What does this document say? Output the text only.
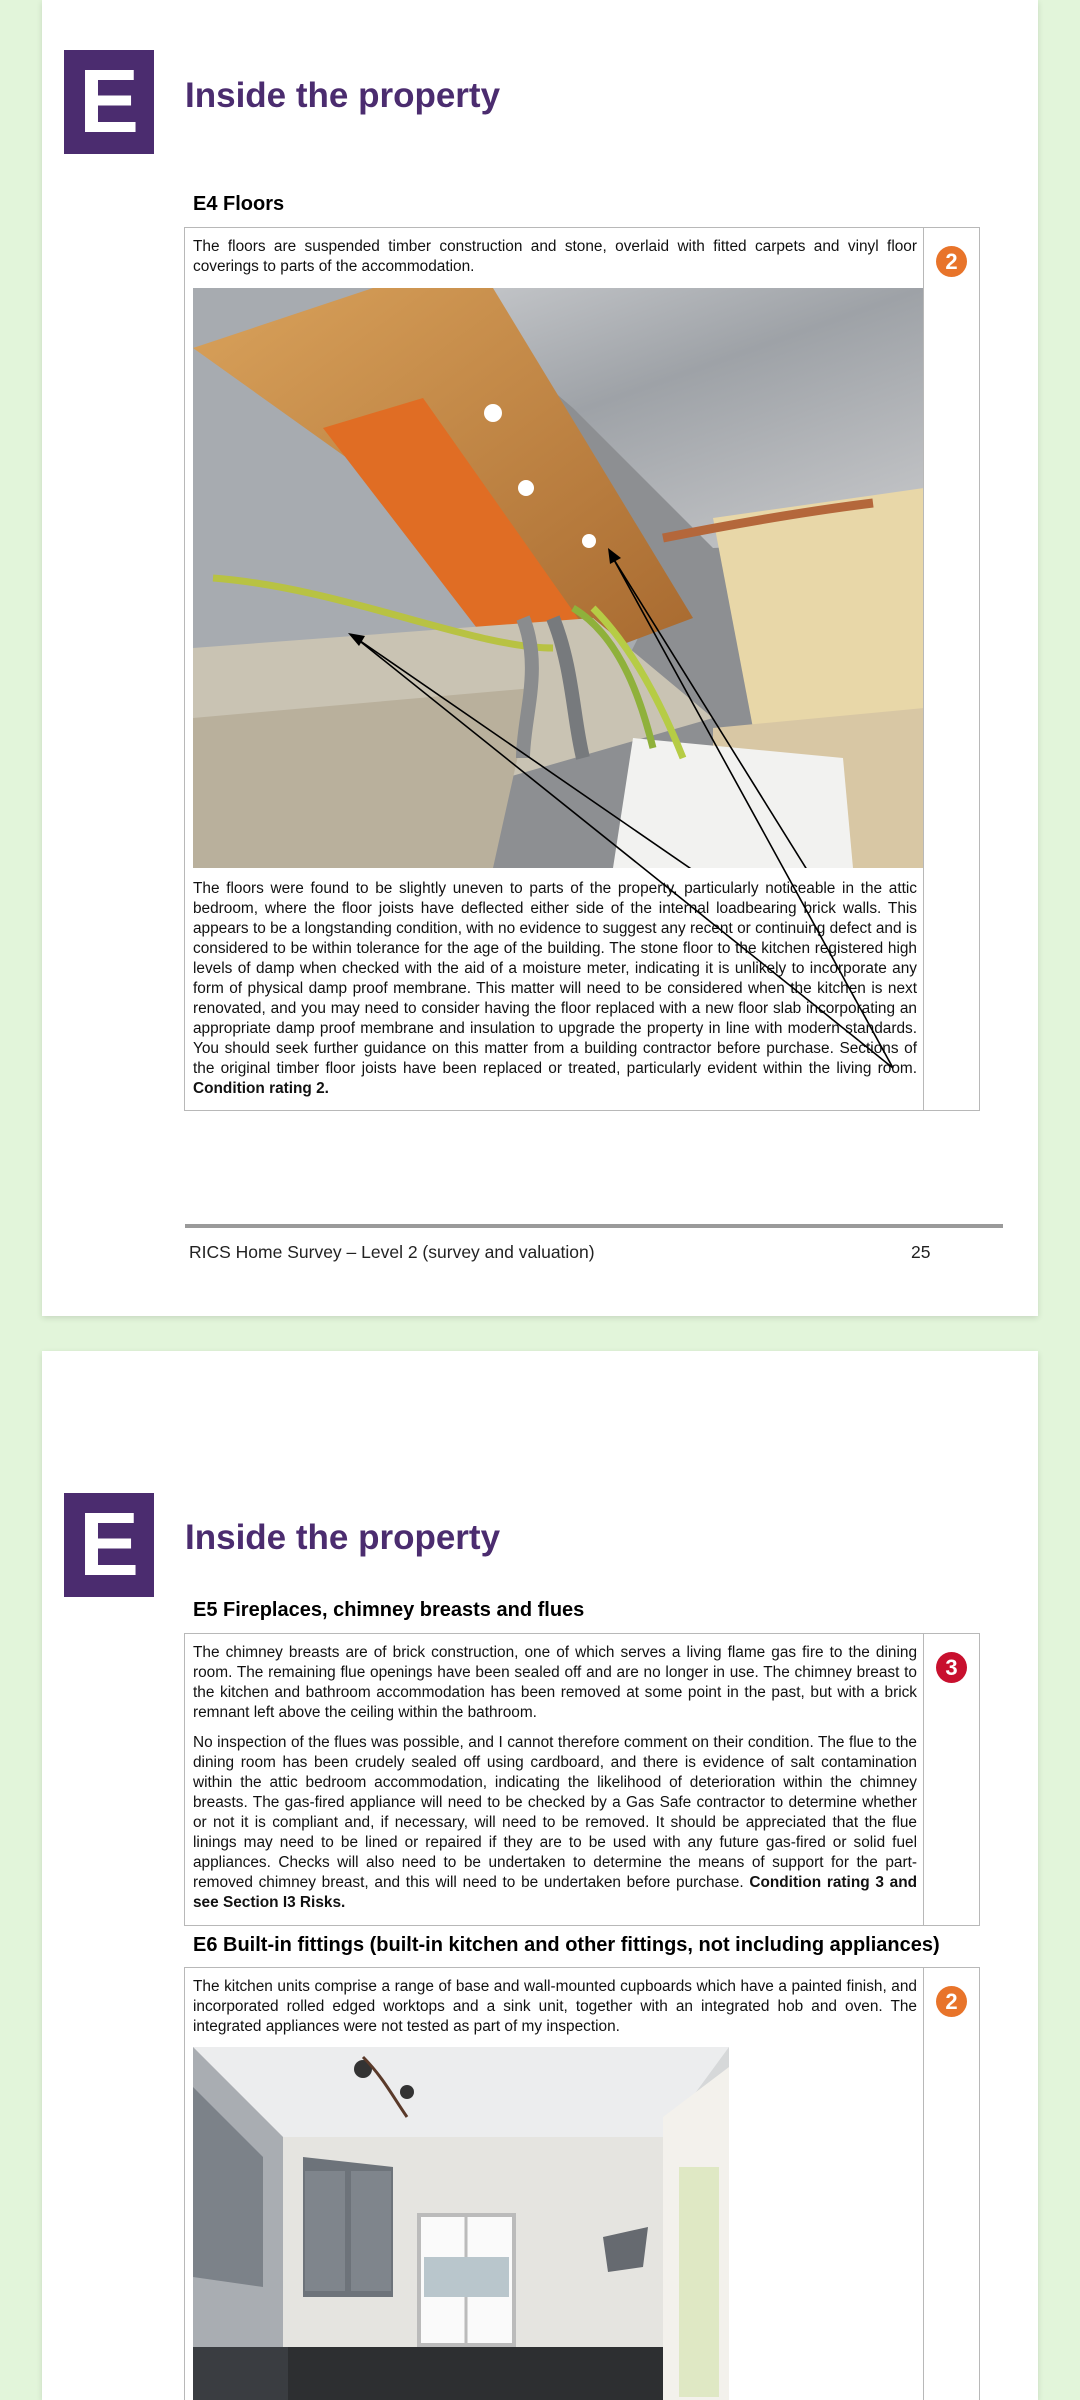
E	Inside the property
E4 Floors

The floors are suspended timber construction and stone, overlaid with fitted carpets and vinyl floor coverings to parts of the accommodation.

The floors were found to be slightly uneven to parts of the property, particularly noticeable in the attic bedroom, where the floor joists have deflected either side of the internal loadbearing brick walls. This appears to be a longstanding condition, with no evidence to suggest any recent or continuing defect and is considered to be within tolerance for the age of the building. The stone floor to the kitchen registered high levels of damp when checked with the aid of a moisture meter, indicating it is unlikely to incorporate any form of physical damp proof membrane. This matter will need to be considered when the kitchen is next renovated, and you may need to consider having the floor replaced with a new floor slab incorporating an appropriate damp proof membrane and insulation to upgrade the property in line with modern standards. You should seek further guidance on this matter from a building contractor before purchase. Sections of the original timber floor joists have been replaced or treated, particularly evident within the living room. Condition rating 2.

2
RICS Home Survey – Level 2 (survey and valuation)	25
E	Inside the property
E5 Fireplaces, chimney breasts and flues

The chimney breasts are of brick construction, one of which serves a living flame gas fire to the dining room. The remaining flue openings have been sealed off and are no longer in use. The chimney breast to the kitchen and bathroom accommodation has been removed at some point in the past, but with a brick remnant left above the ceiling within the bathroom.

No inspection of the flues was possible, and I cannot therefore comment on their condition. The flue to the dining room has been crudely sealed off using cardboard, and there is evidence of salt contamination within the attic bedroom accommodation, indicating the likelihood of deterioration within the chimney breasts. The gas-fired appliance will need to be checked by a Gas Safe contractor to determine whether or not it is compliant and, if necessary, will need to be removed. It should be appreciated that the flue linings may need to be lined or repaired if they are to be used with any future gas-fired or solid fuel appliances. Checks will also need to be undertaken to determine the means of support for the part-removed chimney breast, and this will need to be undertaken before purchase. Condition rating 3 and see Section I3 Risks.

3
E6 Built-in fittings (built-in kitchen and other fittings, not including appliances)

The kitchen units comprise a range of base and wall-mounted cupboards which have a painted finish, and incorporated rolled edged worktops and a sink unit, together with an integrated hob and oven. The integrated appliances were not tested as part of my inspection.

2
